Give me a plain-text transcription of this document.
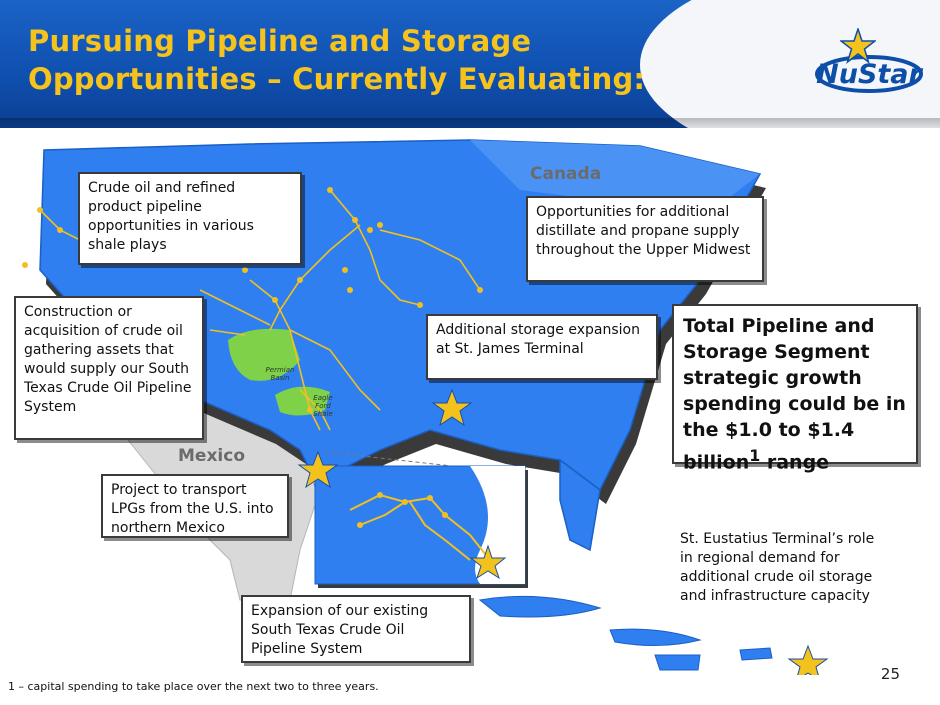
Pursuing Pipeline and Storage
Opportunities – Currently Evaluating:	NuStar
Canada
Mexico
Permian Basin
Eagle Ford Shale
Crude oil and refined product pipeline opportunities in various shale plays
Opportunities for additional distillate and propane supply throughout the Upper Midwest
Construction or acquisition of crude oil gathering assets that would supply our South Texas Crude Oil Pipeline System
Additional storage expansion at St. James Terminal
Project to transport LPGs from the U.S. into northern Mexico
Expansion of our existing South Texas Crude Oil Pipeline System
St. Eustatius Terminal’s role in regional demand for additional crude oil storage and infrastructure capacity
Total Pipeline and Storage Segment strategic growth spending could be in the $1.0 to $1.4 billion$^1$ range
1 – capital spending to take place over the next two to three years.
25
